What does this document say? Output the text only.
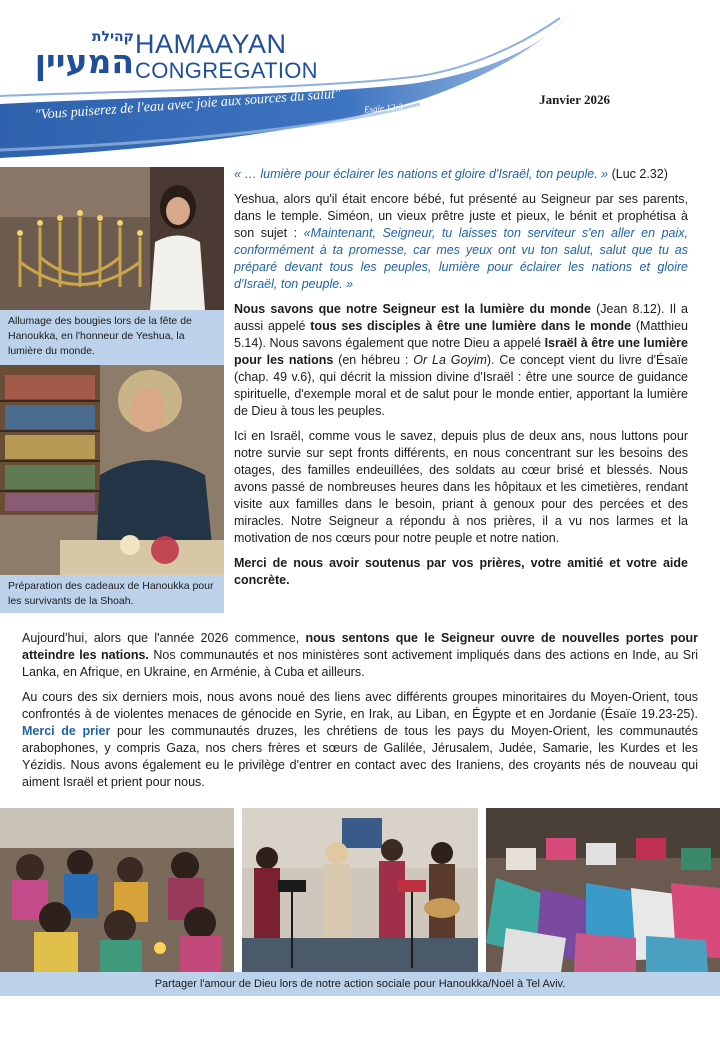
קהילת
המעיין HAMAAYAN
CONGREGATION
Janvier 2026
"Vous puiserez de l'eau avec joie aux sources du salut" Esaïe 12:3
Allumage des bougies lors de la fête de Hanoukka, en l'honneur de Yeshua, la lumière du monde.
Préparation des cadeaux de Hanoukka pour les survivants de la Shoah.

« … lumière pour éclairer les nations et gloire d'Israël, ton peuple. » (Luc 2.32)

Yeshua, alors qu'il était encore bébé, fut présenté au Seigneur par ses parents, dans le temple. Siméon, un vieux prêtre juste et pieux, le bénit et prophétisa à son sujet : «Maintenant, Seigneur, tu laisses ton serviteur s'en aller en paix, conformément à ta promesse, car mes yeux ont vu ton salut, salut que tu as préparé devant tous les peuples, lumière pour éclairer les nations et gloire d'Israël, ton peuple. »

Nous savons que notre Seigneur est la lumière du monde (Jean 8.12). Il a aussi appelé tous ses disciples à être une lumière dans le monde (Matthieu 5.14). Nous savons également que notre Dieu a appelé Israël à être une lumière pour les nations (en hébreu : Or La Goyim). Ce concept vient du livre d'Ésaïe (chap. 49 v.6), qui décrit la mission divine d'Israël : être une source de guidance spirituelle, d'exemple moral et de salut pour le monde entier, apportant la lumière de Dieu à tous les peuples.

Ici en Israël, comme vous le savez, depuis plus de deux ans, nous luttons pour notre survie sur sept fronts différents, en nous concentrant sur les besoins des otages, des familles endeuillées, des soldats au cœur brisé et blessés. Nous avons passé de nombreuses heures dans les hôpitaux et les cimetières, rendant visite aux familles dans le besoin, priant à genoux pour des percées et des miracles. Notre Seigneur a répondu à nos prières, il a vu nos larmes et la motivation de nos cœurs pour notre peuple et notre nation.

Merci de nous avoir soutenus par vos prières, votre amitié et votre aide concrète.

Aujourd'hui, alors que l'année 2026 commence, nous sentons que le Seigneur ouvre de nouvelles portes pour atteindre les nations. Nos communautés et nos ministères sont activement impliqués dans des actions en Inde, au Sri Lanka, en Afrique, en Ukraine, en Arménie, à Cuba et ailleurs.

Au cours des six derniers mois, nous avons noué des liens avec différents groupes minoritaires du Moyen-Orient, tous confrontés à de violentes menaces de génocide en Syrie, en Irak, au Liban, en Égypte et en Jordanie (Ésaïe 19.23-25). Merci de prier pour les communautés druzes, les chrétiens de tous les pays du Moyen-Orient, les communautés arabophones, y compris Gaza, nos chers frères et sœurs de Galilée, Jérusalem, Judée, Samarie, les Kurdes et les Yézidis. Nous avons également eu le privilège d'entrer en contact avec des Iraniens, des croyants nés de nouveau qui aiment Israël et prient pour nous.

Partager l'amour de Dieu lors de notre action sociale pour Hanoukka/Noël à Tel Aviv.
